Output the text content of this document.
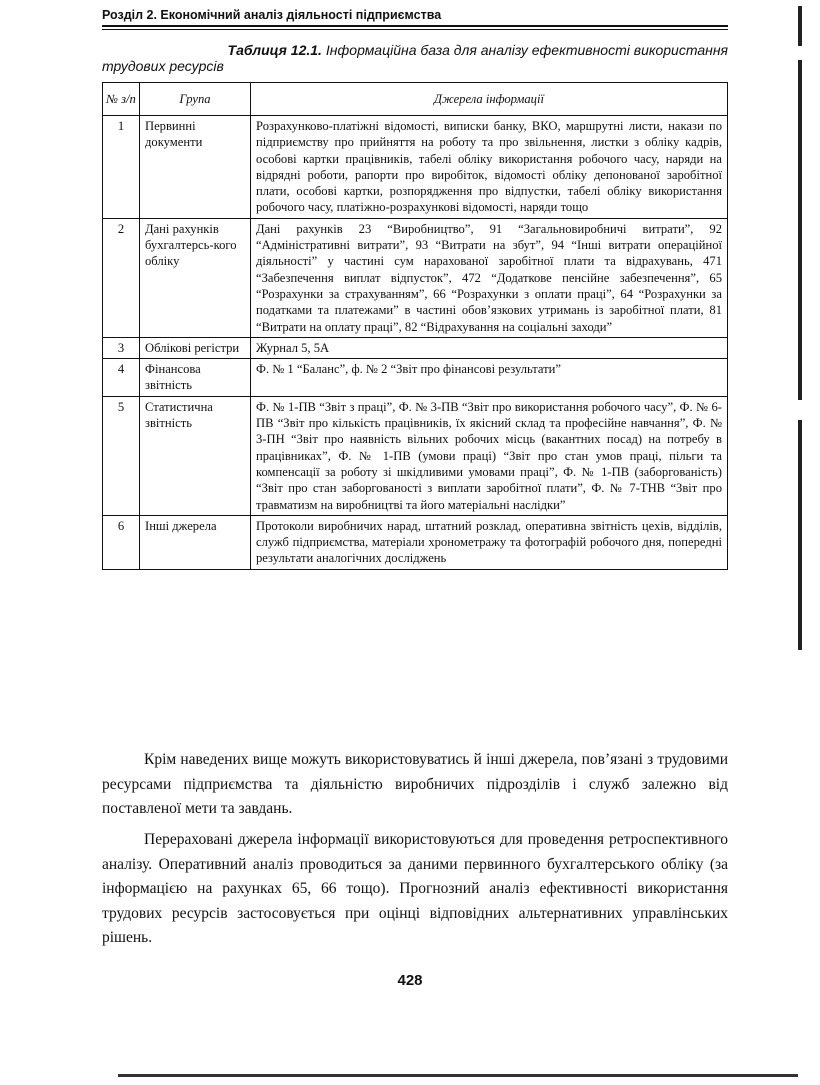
Розділ 2. Економічний аналіз діяльності підприємства
Таблиця 12.1. Інформаційна база для аналізу ефективності використання
трудових ресурсів
№ з/п	Група	Джерела інформації
1	Первинні документи	Розрахунково-платіжні відомості, виписки банку, ВКО, маршрутні листи, накази по підприємству про прийняття на роботу та про звільнення, листки з обліку кадрів, особові картки працівників, табелі обліку використання робочого часу, наряди на відрядні роботи, рапорти про виробіток, відомості обліку депонованої заробітної плати, особові картки, розпорядження про відпустки, табелі обліку використання робочого часу, платіжно-розрахункові відомості, наряди тощо
2	Дані рахунків бухгалтерсь-кого обліку	Дані рахунків 23 “Виробництво”, 91 “Загальновиробничі витрати”, 92 “Адміністративні витрати”, 93 “Витрати на збут”, 94 “Інші витрати операційної діяльності” у частині сум нарахованої заробітної плати та відрахувань, 471 “Забезпечення виплат відпусток”, 472 “Додаткове пенсійне забезпечення”, 65 “Розрахунки за страхуванням”, 66 “Розрахунки з оплати праці”, 64 “Розрахунки за податками та платежами” в частині обов’язкових утримань із заробітної плати, 81 “Витрати на оплату праці”, 82 “Відрахування на соціальні заходи”
3	Облікові регістри	Журнал 5, 5А
4	Фінансова звітність	Ф. № 1 “Баланс”, ф. № 2 “Звіт про фінансові результати”
5	Статистична звітність	Ф. № 1-ПВ “Звіт з праці”, Ф. № 3-ПВ “Звіт про використання робочого часу”, Ф. № 6-ПВ “Звіт про кількість працівників, їх якісний склад та професійне навчання”, Ф. № 3-ПН “Звіт про наявність вільних робочих місць (вакантних посад) на потребу в працівниках”, Ф. № 1-ПВ (умови праці) “Звіт про стан умов праці, пільги та компенсації за роботу зі шкідливими умовами праці”, Ф. № 1-ПВ (заборгованість) “Звіт про стан заборгованості з виплати заробітної плати”, Ф. № 7-ТНВ “Звіт про травматизм на виробництві та його матеріальні наслідки”
6	Інші джерела	Протоколи виробничих нарад, штатний розклад, оперативна звітність цехів, відділів, служб підприємства, матеріали хронометражу та фотографій робочого дня, попередні результати аналогічних досліджень

Крім наведених вище можуть використовуватись й інші джерела, пов’язані з трудовими ресурсами підприємства та діяльністю виробничих підрозділів і служб залежно від поставленої мети та завдань.

Перераховані джерела інформації використовуються для проведення ретроспективного аналізу. Оперативний аналіз проводиться за даними первинного бухгалтерського обліку (за інформацією на рахунках 65, 66 тощо). Прогнозний аналіз ефективності використання трудових ресурсів застосовується при оцінці відповідних альтернативних управлінських рішень.

428
